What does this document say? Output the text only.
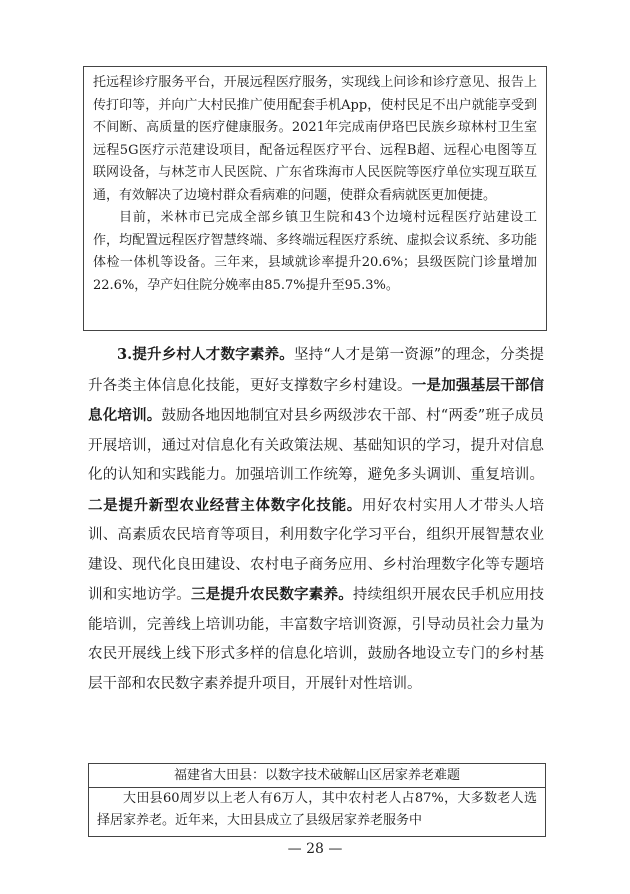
托远程诊疗服务平台，开展远程医疗服务，实现线上问诊和诊疗意见、报告上传打印等，并向广大村民推广使用配套手机App，使村民足不出户就能享受到不间断、高质量的医疗健康服务。2021年完成南伊珞巴民族乡琼林村卫生室远程5G医疗示范建设项目，配备远程医疗平台、远程B超、远程心电图等互联网设备，与林芝市人民医院、广东省珠海市人民医院等医疗单位实现互联互通，有效解决了边境村群众看病难的问题，使群众看病就医更加便捷。

目前，米林市已完成全部乡镇卫生院和43个边境村远程医疗站建设工作，均配置远程医疗智慧终端、多终端远程医疗系统、虚拟会议系统、多功能体检一体机等设备。三年来，县域就诊率提升20.6%；县级医院门诊量增加22.6%，孕产妇住院分娩率由85.7%提升至95.3%。

3.提升乡村人才数字素养。坚持“人才是第一资源”的理念，分类提升各类主体信息化技能，更好支撑数字乡村建设。一是加强基层干部信息化培训。鼓励各地因地制宜对县乡两级涉农干部、村“两委”班子成员开展培训，通过对信息化有关政策法规、基础知识的学习，提升对信息化的认知和实践能力。加强培训工作统筹，避免多头调训、重复培训。二是提升新型农业经营主体数字化技能。用好农村实用人才带头人培训、高素质农民培育等项目，利用数字化学习平台，组织开展智慧农业建设、现代化良田建设、农村电子商务应用、乡村治理数字化等专题培训和实地访学。三是提升农民数字素养。持续组织开展农民手机应用技能培训，完善线上培训功能，丰富数字培训资源，引导动员社会力量为农民开展线上线下形式多样的信息化培训，鼓励各地设立专门的乡村基层干部和农民数字素养提升项目，开展针对性培训。

福建省大田县：以数字技术破解山区居家养老难题

大田县60周岁以上老人有6万人，其中农村老人占87%，大多数老人选择居家养老。近年来，大田县成立了县级居家养老服务中

— 28 —
